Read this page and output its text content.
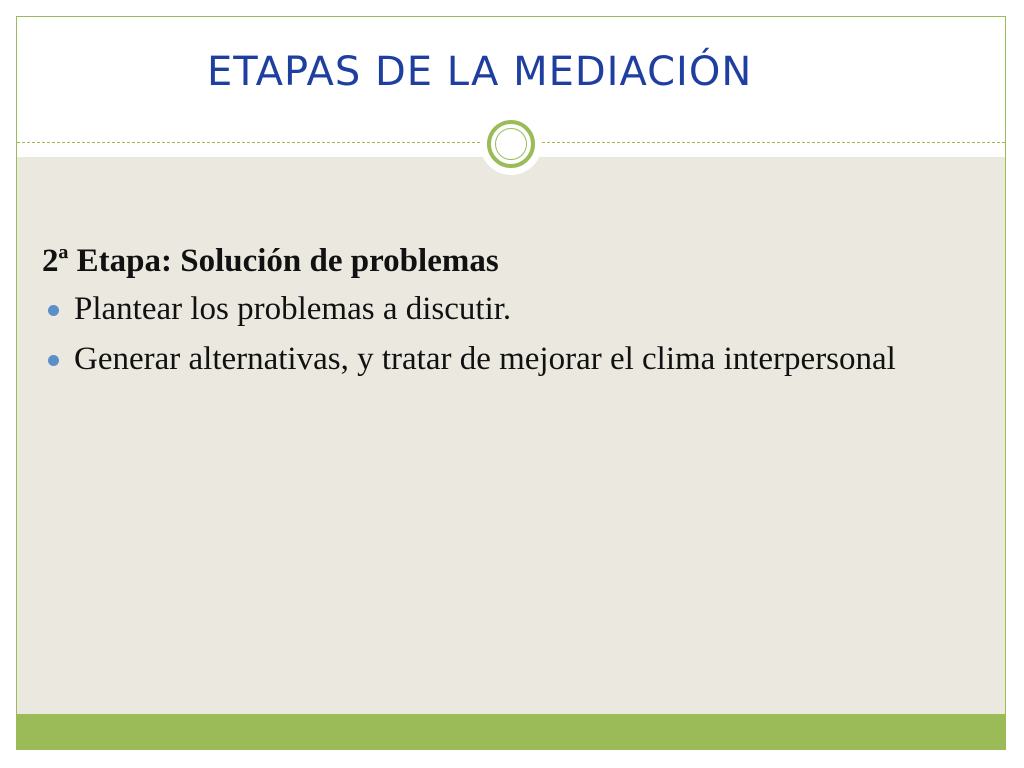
ETAPAS DE LA MEDIACIÓN

2ª Etapa: Solución de problemas

Plantear los problemas a discutir.
Generar alternativas, y tratar de mejorar el clima interpersonal
